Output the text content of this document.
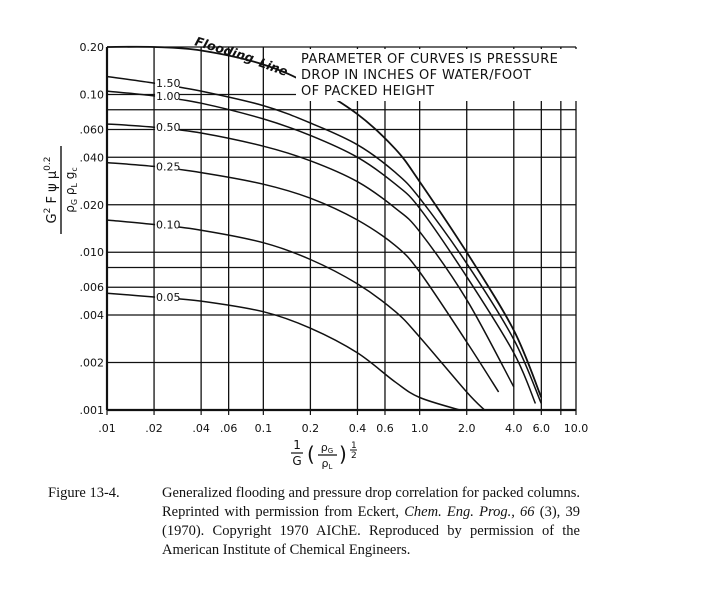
1.50
1.00
0.50
0.25
0.10
0.05
.01	.02	.04 .06 0.1	0.2	0.4 0.6 1.0	2.0	4.0 6.0 10.0
0.20
0.10
.060
.040
.020
.010
.006
.004
.002
.001
PARAMETER OF CURVES IS PRESSURE
DROP IN INCHES OF WATER/FOOT
OF PACKED HEIGHT
Flooding
Line
$G^2$ F ψ $\mu^{0.2}$
$\rho_G$ $\rho_L$ $g_c$
1
G ( ρG
ρL
) 1
2
Figure 13-4.	Generalized flooding and pressure drop correlation for packed columns. Reprinted with permission from Eckert, Chem. Eng. Prog., 66 (3), 39 (1970). Copyright 1970 AIChE. Reproduced by permission of the American Institute of Chemical Engineers.
